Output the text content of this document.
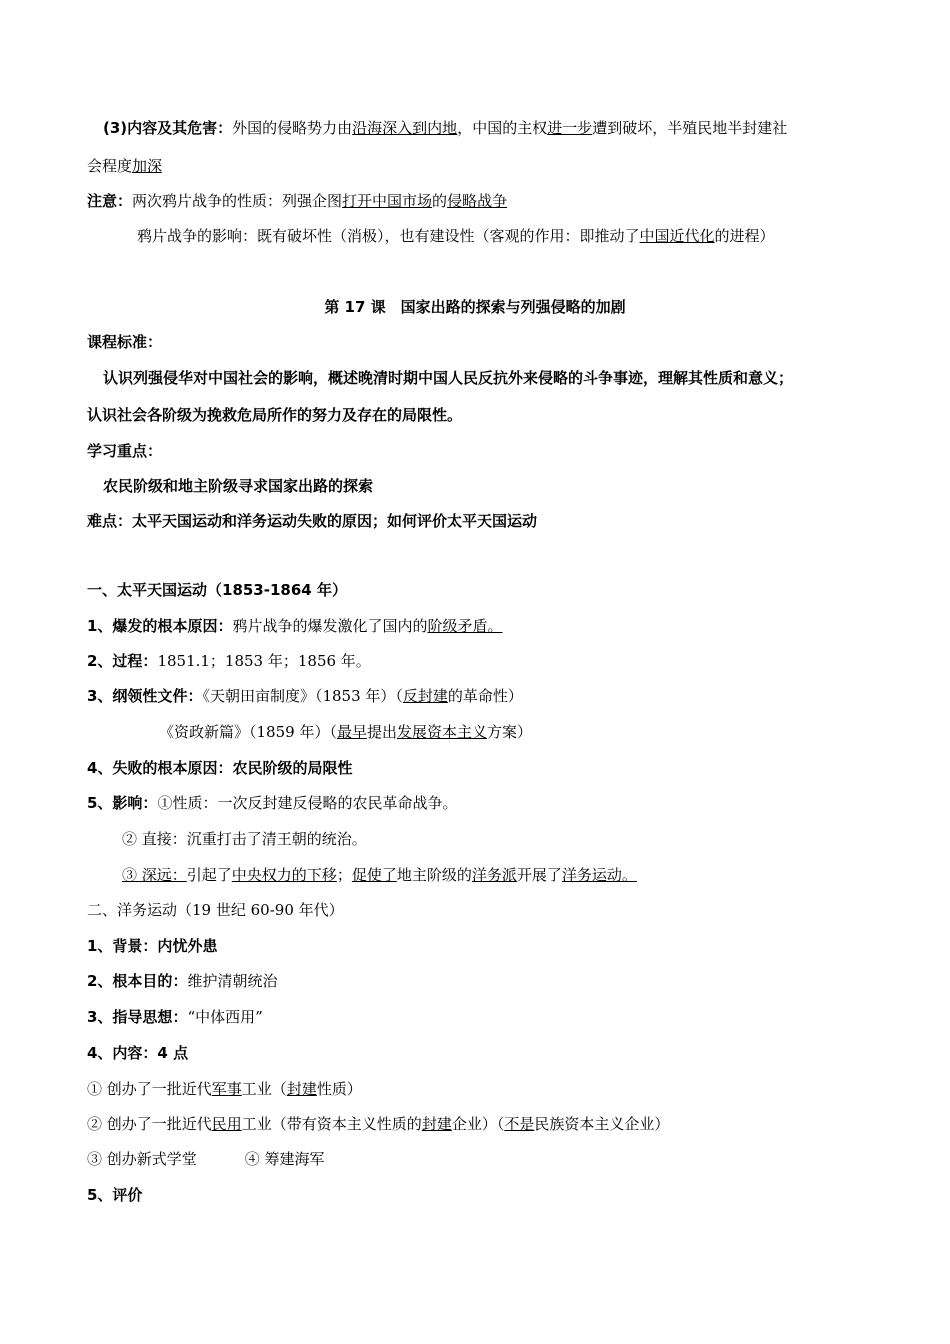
(3)内容及其危害：外国的侵略势力由沿海深入到内地，中国的主权进一步遭到破坏，半殖民地半封建社
会程度加深
注意：两次鸦片战争的性质：列强企图打开中国市场的侵略战争
鸦片战争的影响：既有破坏性（消极），也有建设性（客观的作用：即推动了中国近代化的进程）
第 17 课　国家出路的探索与列强侵略的加剧
课程标准：
认识列强侵华对中国社会的影响，概述晚清时期中国人民反抗外来侵略的斗争事迹，理解其性质和意义；
认识社会各阶级为挽救危局所作的努力及存在的局限性。
学习重点：
农民阶级和地主阶级寻求国家出路的探索
难点：太平天国运动和洋务运动失败的原因；如何评价太平天国运动
一、太平天国运动（1853-1864 年）
1、爆发的根本原因：鸦片战争的爆发激化了国内的阶级矛盾。
2、过程：1851.1；1853 年；1856 年。
3、纲领性文件：《天朝田亩制度》（1853 年）（反封建的革命性）
《资政新篇》（1859 年）（最早提出发展资本主义方案）
4、失败的根本原因：农民阶级的局限性
5、影响：①性质：一次反封建反侵略的农民革命战争。
② 直接：沉重打击了清王朝的统治。
③ 深远：引起了中央权力的下移；促使了地主阶级的洋务派开展了洋务运动。
二、洋务运动（19 世纪 60-90 年代）
1、背景：内忧外患
2、根本目的：维护清朝统治
3、指导思想：“中体西用”
4、内容：4 点
① 创办了一批近代军事工业（封建性质）
② 创办了一批近代民用工业（带有资本主义性质的封建企业）（不是民族资本主义企业）
③ 创办新式学堂	④ 筹建海军
5、评价
